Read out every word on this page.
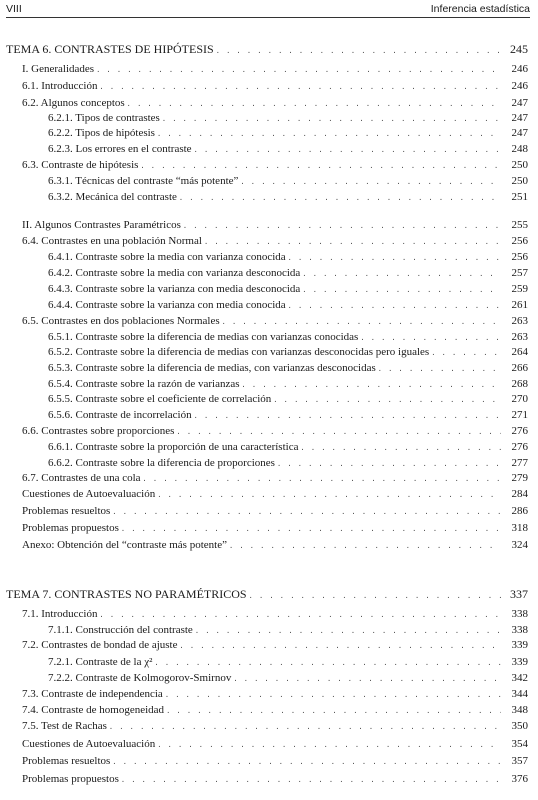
VIII	Inferencia estadística
TEMA 6. CONTRASTES DE HIPÓTESIS . . .	245
I. Generalidades . . .	246
6.1. Introducción . . .	246
6.2. Algunos conceptos . . .	247
6.2.1. Tipos de contrastes . . .	247
6.2.2. Tipos de hipótesis . . .	247
6.2.3. Los errores en el contraste . . .	248
6.3. Contraste de hipótesis . . .	250
6.3.1. Técnicas del contraste “más potente” . . .	250
6.3.2. Mecánica del contraste . . .	251
II. Algunos Contrastes Paramétricos . . .	255
6.4. Contrastes en una población Normal . . .	256
6.4.1. Contraste sobre la media con varianza conocida . . .	256
6.4.2. Contraste sobre la media con varianza desconocida . . .	257
6.4.3. Contraste sobre la varianza con media desconocida . . .	259
6.4.4. Contraste sobre la varianza con media conocida . . .	261
6.5. Contrastes en dos poblaciones Normales . . .	263
6.5.1. Contraste sobre la diferencia de medias con varianzas conocidas . . .	263
6.5.2. Contraste sobre la diferencia de medias con varianzas desconocidas pero iguales . . .	264
6.5.3. Contraste sobre la diferencia de medias, con varianzas desconocidas . . .	266
6.5.4. Contraste sobre la razón de varianzas . . .	268
6.5.5. Contraste sobre el coeficiente de correlación . . .	270
6.5.6. Contraste de incorrelación . . .	271
6.6. Contrastes sobre proporciones . . .	276
6.6.1. Contraste sobre la proporción de una característica . . .	276
6.6.2. Contraste sobre la diferencia de proporciones . . .	277
6.7. Contrastes de una cola . . .	279
Cuestiones de Autoevaluación . . .	284
Problemas resueltos . . .	286
Problemas propuestos . . .	318
Anexo: Obtención del “contraste más potente” . . .	324
TEMA 7. CONTRASTES NO PARAMÉTRICOS . . .	337
7.1. Introducción . . .	338
7.1.1. Construcción del contraste . . .	338
7.2. Contrastes de bondad de ajuste . . .	339
7.2.1. Contraste de la χ² . . .	339
7.2.2. Contraste de Kolmogorov-Smirnov . . .	342
7.3. Contraste de independencia . . .	344
7.4. Contraste de homogeneidad . . .	348
7.5. Test de Rachas . . .	350
Cuestiones de Autoevaluación . . .	354
Problemas resueltos . . .	357
Problemas propuestos . . .	376
